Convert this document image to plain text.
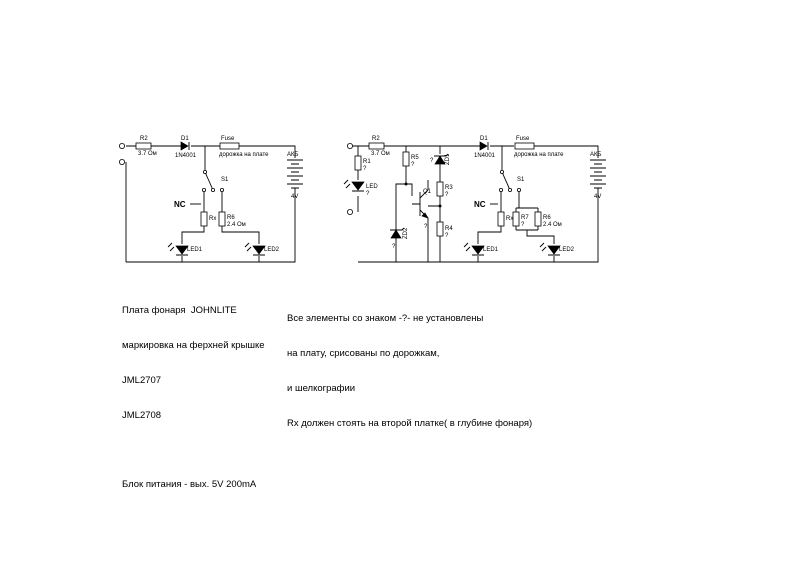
R2
3.7 Ом
D1
1N4001
Fuse
дорожка на плате	АКБ
4V
S1
NC
Rx R6
2.4 Ом
LED1	LED2
R1
?
LED
?
R2
3.7 Ом
R5
?
Q1
?
ZD2
?
ZD1
?
R3
?
R4
?
D1
1N4001
Fuse
дорожка на плате	АКБ
4V
S1
NC
Rx R7
?
R6
2.4 Ом
LED1	LED2

Плата фонаря  JOHNLITE

маркировка на ферхней крышке

JML2707

JML2708

Блок питания - вых. 5V 200mA

Все элементы со знаком -?- не установлены

на плату, срисованы по дорожкам,

и шелкографии

Rx должен стоять на второй платке( в глубине фонаря)
